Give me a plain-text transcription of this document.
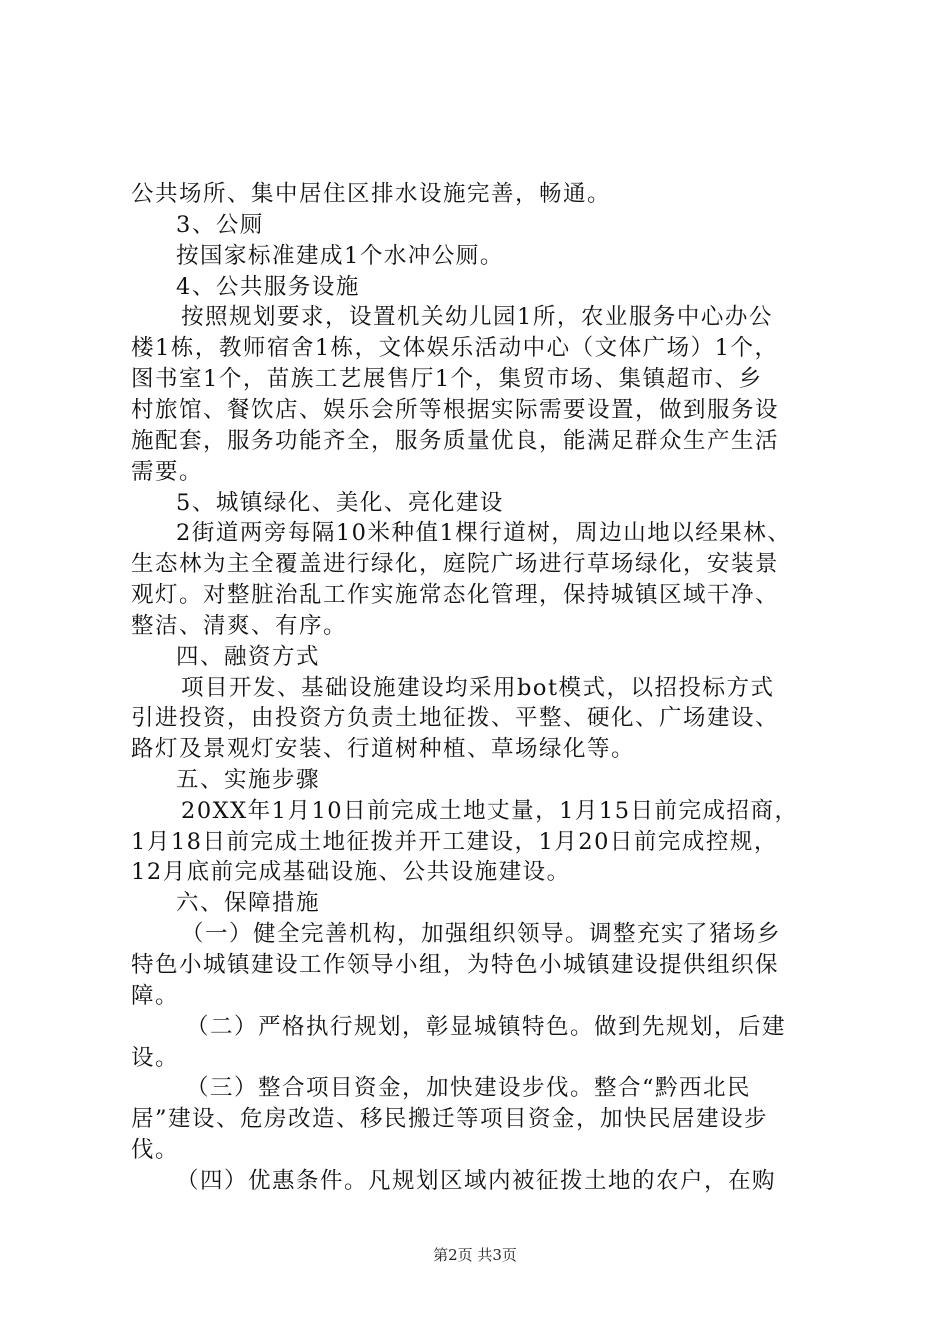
公共场所、集中居住区排水设施完善，畅通。
3、公厕
按国家标准建成1个水冲公厕。
4、公共服务设施
按照规划要求，设置机关幼儿园1所，农业服务中心办公
楼1栋，教师宿舍1栋，文体娱乐活动中心（文体广场）1个，
图书室1个，苗族工艺展售厅1个，集贸市场、集镇超市、乡
村旅馆、餐饮店、娱乐会所等根据实际需要设置，做到服务设
施配套，服务功能齐全，服务质量优良，能满足群众生产生活
需要。
5、城镇绿化、美化、亮化建设
2街道两旁每隔10米种值1棵行道树，周边山地以经果林、
生态林为主全覆盖进行绿化，庭院广场进行草场绿化，安装景
观灯。对整脏治乱工作实施常态化管理，保持城镇区域干净、
整洁、清爽、有序。
四、融资方式
项目开发、基础设施建设均采用bot模式，以招投标方式
引进投资，由投资方负责土地征拨、平整、硬化、广场建设、
路灯及景观灯安装、行道树种植、草场绿化等。
五、实施步骤
20XX年1月10日前完成土地丈量，1月15日前完成招商，
1月18日前完成土地征拨并开工建设，1月20日前完成控规，
12月底前完成基础设施、公共设施建设。
六、保障措施
（一）健全完善机构，加强组织领导。调整充实了猪场乡
特色小城镇建设工作领导小组，为特色小城镇建设提供组织保
障。
（二）严格执行规划，彰显城镇特色。做到先规划，后建
设。
（三）整合项目资金，加快建设步伐。整合“黔西北民
居”建设、危房改造、移民搬迁等项目资金，加快民居建设步
伐。
（四）优惠条件。凡规划区域内被征拨土地的农户，在购
第2页 共3页
